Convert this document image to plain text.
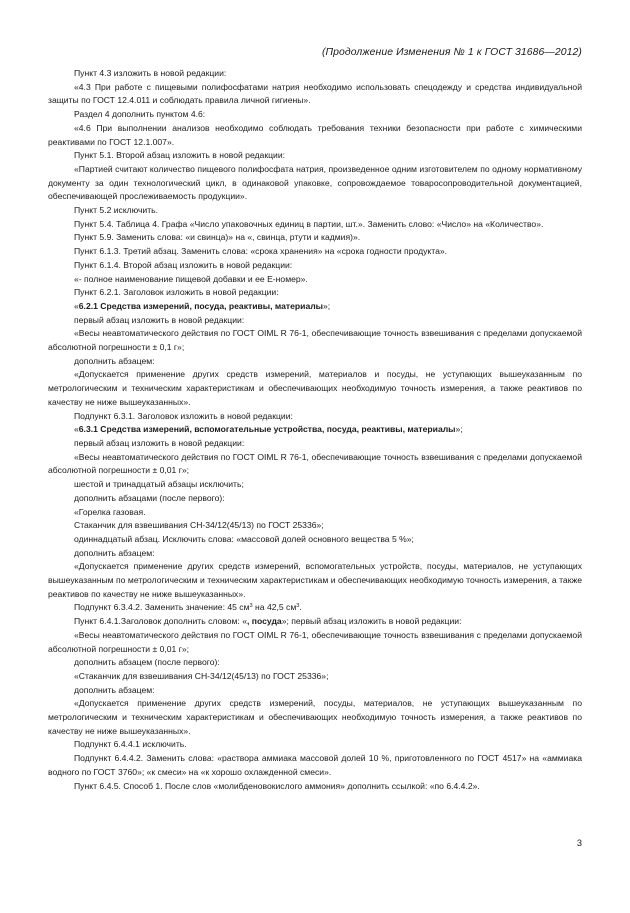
(Продолжение Изменения № 1 к ГОСТ 31686—2012)

Пункт 4.3 изложить в новой редакции:

«4.3 При работе с пищевыми полифосфатами натрия необходимо использовать спецодежду и средства индивидуальной защиты по ГОСТ 12.4.011 и соблюдать правила личной гигиены».

Раздел 4 дополнить пунктом 4.6:

«4.6 При выполнении анализов необходимо соблюдать требования техники безопасности при работе с химическими реактивами по ГОСТ 12.1.007».

Пункт 5.1. Второй абзац изложить в новой редакции:

«Партией считают количество пищевого полифосфата натрия, произведенное одним изготовителем по одному нормативному документу за один технологический цикл, в одинаковой упаковке, сопровождаемое товаросопроводительной документацией, обеспечивающей прослеживаемость продукции».

Пункт 5.2 исключить.

Пункт 5.4. Таблица 4. Графа «Число упаковочных единиц в партии, шт.». Заменить слово: «Число» на «Количество».

Пункт 5.9. Заменить слова: «и свинца)» на «, свинца, ртути и кадмия)».

Пункт 6.1.3. Третий абзац. Заменить слова: «срока хранения» на «срока годности продукта».

Пункт 6.1.4. Второй абзац изложить в новой редакции:

«- полное наименование пищевой добавки и ее Е-номер».

Пункт 6.2.1. Заголовок изложить в новой редакции:

«6.2.1 Средства измерений, посуда, реактивы, материалы»;

первый абзац изложить в новой редакции:

«Весы неавтоматического действия по ГОСТ OIML R 76-1, обеспечивающие точность взвешивания с пределами допускаемой абсолютной погрешности ± 0,1 г»;

дополнить абзацем:

«Допускается применение других средств измерений, материалов и посуды, не уступающих вышеуказанным по метрологическим и техническим характеристикам и обеспечивающих необходимую точность измерения, а также реактивов по качеству не ниже вышеуказанных».

Подпункт 6.3.1. Заголовок изложить в новой редакции:

«6.3.1 Средства измерений, вспомогательные устройства, посуда, реактивы, материалы»;

первый абзац изложить в новой редакции:

«Весы неавтоматического действия по ГОСТ OIML R 76-1, обеспечивающие точность взвешивания с пределами допускаемой абсолютной погрешности ± 0,01 г»;

шестой и тринадцатый абзацы исключить;

дополнить абзацами (после первого):

«Горелка газовая.

Стаканчик для взвешивания СН-34/12(45/13) по ГОСТ 25336»;

одиннадцатый абзац. Исключить слова: «массовой долей основного вещества 5 %»;

дополнить абзацем:

«Допускается применение других средств измерений, вспомогательных устройств, посуды, материалов, не уступающих вышеуказанным по метрологическим и техническим характеристикам и обеспечивающих необходимую точность измерения, а также реактивов по качеству не ниже вышеуказанных».

Подпункт 6.3.4.2. Заменить значение: 45 $см^3$ на 42,5 $см^3$.

Пункт 6.4.1.Заголовок дополнить словом: «, посуда»; первый абзац изложить в новой редакции:

«Весы неавтоматического действия по ГОСТ OIML R 76-1, обеспечивающие точность взвешивания с пределами допускаемой абсолютной погрешности ± 0,01 г»;

дополнить абзацем (после первого):

«Стаканчик для взвешивания СН-34/12(45/13) по ГОСТ 25336»;

дополнить абзацем:

«Допускается применение других средств измерений, посуды, материалов, не уступающих вышеуказанным по метрологическим и техническим характеристикам и обеспечивающих необходимую точность измерения, а также реактивов по качеству не ниже вышеуказанных».

Подпункт 6.4.4.1 исключить.

Подпункт 6.4.4.2. Заменить слова: «раствора аммиака массовой долей 10 %, приготовленного по ГОСТ 4517» на «аммиака водного по ГОСТ 3760»; «к смеси» на «к хорошо охлажденной смеси».

Пункт 6.4.5. Способ 1. После слов «молибденовокислого аммония» дополнить ссылкой: «по 6.4.4.2».

3
